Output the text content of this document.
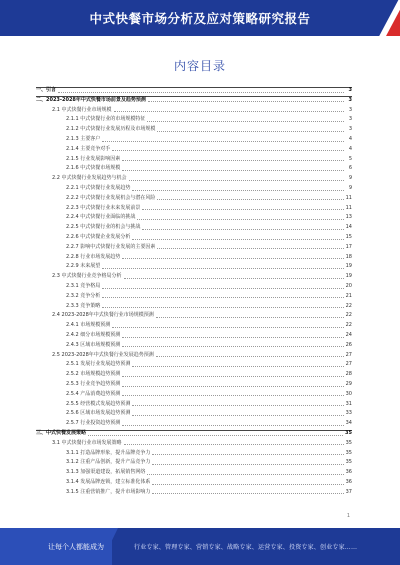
中式快餐市场分析及应对策略研究报告
内容目录
一、引言	3
二、2023-2028年中式快餐市场前景及趋势预测	3
2.1 中式快餐行业市场规模	3
2.1.1 中式快餐行业的市场规模特征	3
2.1.2 中式快餐行业发展历程及市场规模	3
2.1.3 主要客户	4
2.1.4 主要竞争对手	4
2.1.5 行业发展影响因素	5
2.1.6 中式快餐市场规模	6
2.2 中式快餐行业发展趋势与机会	9
2.2.1 中式快餐行业发展趋势	9
2.2.2 中式快餐行业发展机会与潜在风险	11
2.2.3 中式快餐行业未来发展前景	11
2.2.4 中式快餐行业面临的挑战	13
2.2.5 中式快餐行业的机会与挑战	14
2.2.6 中式快餐企业发展分析	15
2.2.7 影响中式快餐行业发展的主要因素	17
2.2.8 行业市场发展趋势	18
2.2.9 未来展望	19
2.3 中式快餐行业竞争格局分析	19
2.3.1 竞争格局	20
2.3.2 竞争分析	21
2.3.3 竞争策略	22
2.4 2023-2028年中式快餐行业市场规模预测	22
2.4.1 市场规模预测	22
2.4.2 细分市场规模预测	24
2.4.3 区域市场规模预测	26
2.5 2023-2028年中式快餐行业发展趋势预测	27
2.5.1 发展行业发展趋势预测	27
2.5.2 市场规模趋势预测	28
2.5.3 行业竞争趋势预测	29
2.5.4 产品消费趋势预测	30
2.5.5 经营模式发展趋势预测	31
2.5.6 区域市场发展趋势预测	33
2.5.7 行业投资趋势预测	34
三、中式快餐发展策略	35
3.1 中式快餐行业市场发展策略	35
3.1.1 打造品牌形象，提升品牌竞争力	35
3.1.2 注重产品创新，提升产品竞争力	35
3.1.3 加强渠道建设，拓展销售网络	36
3.1.4 发展品牌连锁，建立标准化体系	36
3.1.5 注重营销推广，提升市场影响力	37
1
让每个人都能成为	行业专家、管理专家、营销专家、战略专家、运营专家、投资专家、创业专家……
